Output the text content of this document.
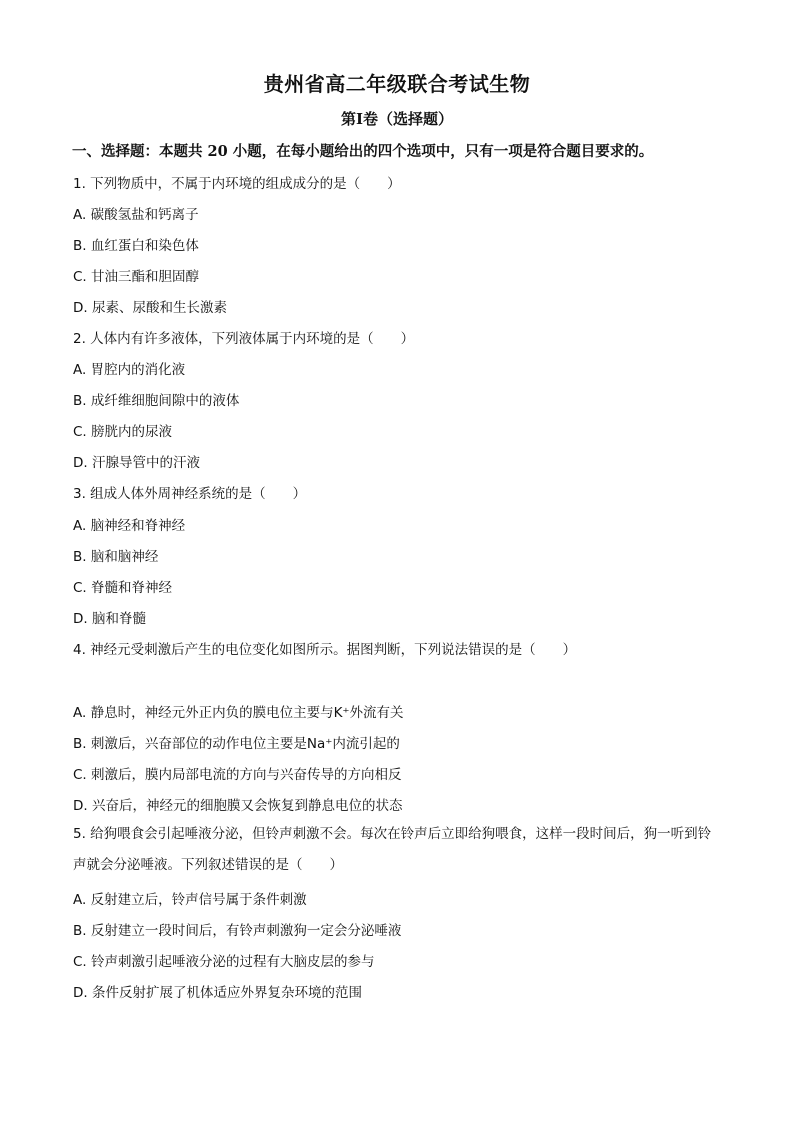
贵州省高二年级联合考试生物
第Ⅰ卷（选择题）
一、选择题：本题共 20 小题，在每小题给出的四个选项中，只有一项是符合题目要求的。
1. 下列物质中，不属于内环境的组成成分的是（　　）
A. 碳酸氢盐和钙离子
B. 血红蛋白和染色体
C. 甘油三酯和胆固醇
D. 尿素、尿酸和生长激素
2. 人体内有许多液体，下列液体属于内环境的是（　　）
A. 胃腔内的消化液
B. 成纤维细胞间隙中的液体
C. 膀胱内的尿液
D. 汗腺导管中的汗液
3. 组成人体外周神经系统的是（　　）
A. 脑神经和脊神经
B. 脑和脑神经
C. 脊髓和脊神经
D. 脑和脊髓
4. 神经元受刺激后产生的电位变化如图所示。据图判断，下列说法错误的是（　　）
A. 静息时，神经元外正内负的膜电位主要与K⁺外流有关
B. 刺激后，兴奋部位的动作电位主要是Na⁺内流引起的
C. 刺激后，膜内局部电流的方向与兴奋传导的方向相反
D. 兴奋后，神经元的细胞膜又会恢复到静息电位的状态
5. 给狗喂食会引起唾液分泌，但铃声刺激不会。每次在铃声后立即给狗喂食，这样一段时间后，狗一听到铃声就会分泌唾液。下列叙述错误的是（　　）
A. 反射建立后，铃声信号属于条件刺激
B. 反射建立一段时间后，有铃声刺激狗一定会分泌唾液
C. 铃声刺激引起唾液分泌的过程有大脑皮层的参与
D. 条件反射扩展了机体适应外界复杂环境的范围
